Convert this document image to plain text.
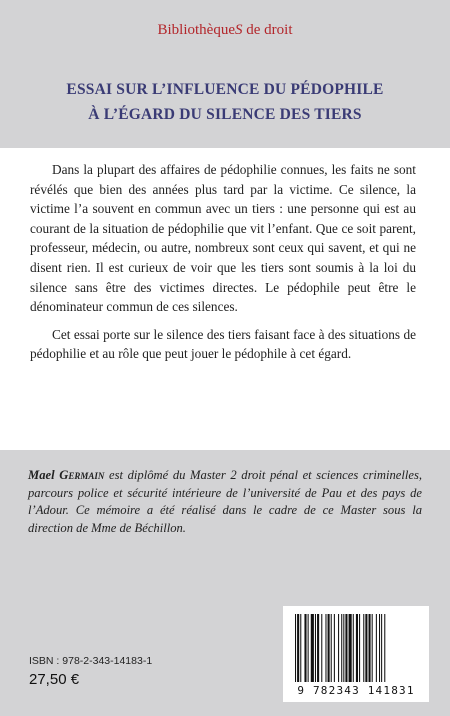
BibliothèqueS de droit
ESSAI SUR L’INFLUENCE DU PÉDOPHILE
À L’ÉGARD DU SILENCE DES TIERS

Dans la plupart des affaires de pédophilie connues, les faits ne sont révélés que bien des années plus tard par la victime. Ce silence, la victime l’a souvent en commun avec un tiers : une personne qui est au courant de la situation de pédophilie que vit l’enfant. Que ce soit parent, professeur, médecin, ou autre, nombreux sont ceux qui savent, et qui ne disent rien. Il est curieux de voir que les tiers sont soumis à la loi du silence sans être des victimes directes. Le pédophile peut être le dénominateur commun de ces silences.

Cet essai porte sur le silence des tiers faisant face à des situations de pédophilie et au rôle que peut jouer le pédophile à cet égard.

Mael Germain est diplômé du Master 2 droit pénal et sciences criminelles, parcours police et sécurité intérieure de l’université de Pau et des pays de l’Adour. Ce mémoire a été réalisé dans le cadre de ce Master sous la direction de Mme de Béchillon.
ISBN : 978-2-343-14183-1
27,50 €
9 782343 141831
